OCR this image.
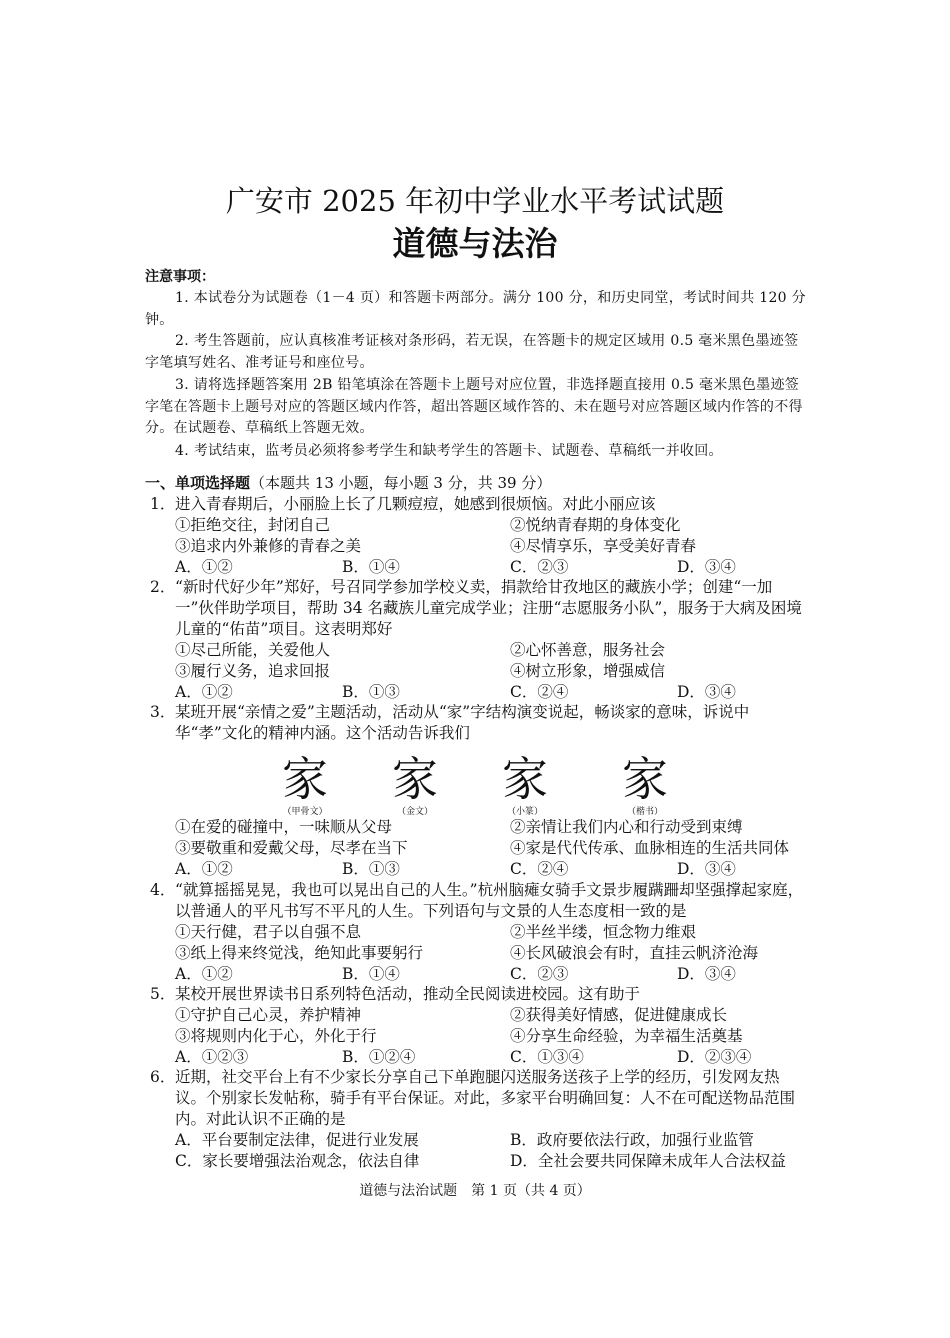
广安市 2025 年初中学业水平考试试题
道德与法治
注意事项：
1. 本试卷分为试题卷（1－4 页）和答题卡两部分。满分 100 分，和历史同堂，考试时间共 120 分钟。
2. 考生答题前，应认真核准考证核对条形码，若无误，在答题卡的规定区域用 0.5 毫米黑色墨迹签字笔填写姓名、准考证号和座位号。
3. 请将选择题答案用 2B 铅笔填涂在答题卡上题号对应位置，非选择题直接用 0.5 毫米黑色墨迹签字笔在答题卡上题号对应的答题区域内作答，超出答题区域作答的、未在题号对应答题区域内作答的不得分。在试题卷、草稿纸上答题无效。
4. 考试结束，监考员必须将参考学生和缺考学生的答题卡、试题卷、草稿纸一并收回。
一、单项选择题（本题共 13 小题，每小题 3 分，共 39 分）
1． 进入青春期后，小丽脸上长了几颗痘痘，她感到很烦恼。对此小丽应该
①拒绝交往，封闭自己	②悦纳青春期的身体变化
③追求内外兼修的青春之美	④尽情享乐，享受美好青春
A．①②	B．①④	C．②③	D．③④
2． “新时代好少年”郑好，号召同学参加学校义卖，捐款给甘孜地区的藏族小学；创建“一加一”伙伴助学项目，帮助 34 名藏族儿童完成学业；注册“志愿服务小队”，服务于大病及困境儿童的“佑苗”项目。这表明郑好
①尽己所能，关爱他人	②心怀善意，服务社会
③履行义务，追求回报	④树立形象，增强威信
A．①②	B．①③	C．②④	D．③④
3． 某班开展“亲情之爱”主题活动，活动从“家”字结构演变说起，畅谈家的意味，诉说中华“孝”文化的精神内涵。这个活动告诉我们
家
（甲骨文）
家
（金文）
家
（小篆）
家
（楷书）
①在爱的碰撞中，一味顺从父母	②亲情让我们内心和行动受到束缚
③要敬重和爱戴父母，尽孝在当下	④家是代代传承、血脉相连的生活共同体
A．①②	B．①③	C．②④	D．③④
4． “就算摇摇晃晃，我也可以晃出自己的人生。”杭州脑瘫女骑手文景步履蹒跚却坚强撑起家庭，以普通人的平凡书写不平凡的人生。下列语句与文景的人生态度相一致的是
①天行健，君子以自强不息	②半丝半缕，恒念物力维艰
③纸上得来终觉浅，绝知此事要躬行	④长风破浪会有时，直挂云帆济沧海
A．①②	B．①④	C．②③	D．③④
5． 某校开展世界读书日系列特色活动，推动全民阅读进校园。这有助于
①守护自己心灵，养护精神	②获得美好情感，促进健康成长
③将规则内化于心，外化于行	④分享生命经验，为幸福生活奠基
A．①②③	B．①②④	C．①③④	D．②③④
6． 近期，社交平台上有不少家长分享自己下单跑腿闪送服务送孩子上学的经历，引发网友热议。个别家长发帖称，骑手有平台保证。对此，多家平台明确回复：人不在可配送物品范围内。对此认识不正确的是
A．平台要制定法律，促进行业发展	B．政府要依法行政，加强行业监管
C．家长要增强法治观念，依法自律	D．全社会要共同保障未成年人合法权益
道德与法治试题　第 1 页（共 4 页）
